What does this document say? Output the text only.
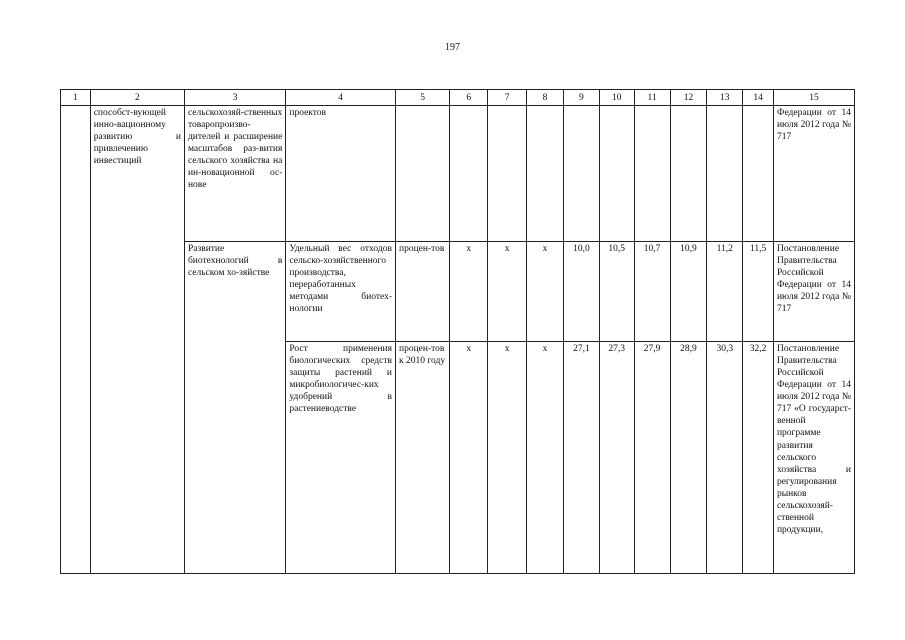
197
1	2	3	4	5	6	7	8	9	10	11	12	13	14	15
	способст-вующей инно-вационному развитию и привлечению инвестиций	сельскохозяй-ственных товаропроизво-дителей и расширение масштабов раз-вития сельского хозяйства на ин-новационной ос-нове	проектов											Федерации от 14 июля 2012 года № 717
		Развитие биотехнологий в сельском хо-зяйстве	Удельный вес отходов сельско-хозяйственного производства, переработанных методами биотех-нологии	процен-тов	х	х	х	10,0	10,5	10,7	10,9	11,2	11,5	Постановление Правительства Российской Федерации от 14 июля 2012 года № 717
			Рост применения биологических средств защиты растений и микробиологичес-ких удобрений в растениеводстве	процен-тов к 2010 году	х	х	х	27,1	27,3	27,9	28,9	30,3	32,2	Постановление Правительства Российской Федерации от 14 июля 2012 года № 717 «О государст-венной программе развития сельского хозяйства и регулирования рынков сельскохозяй-ственной продукции,
